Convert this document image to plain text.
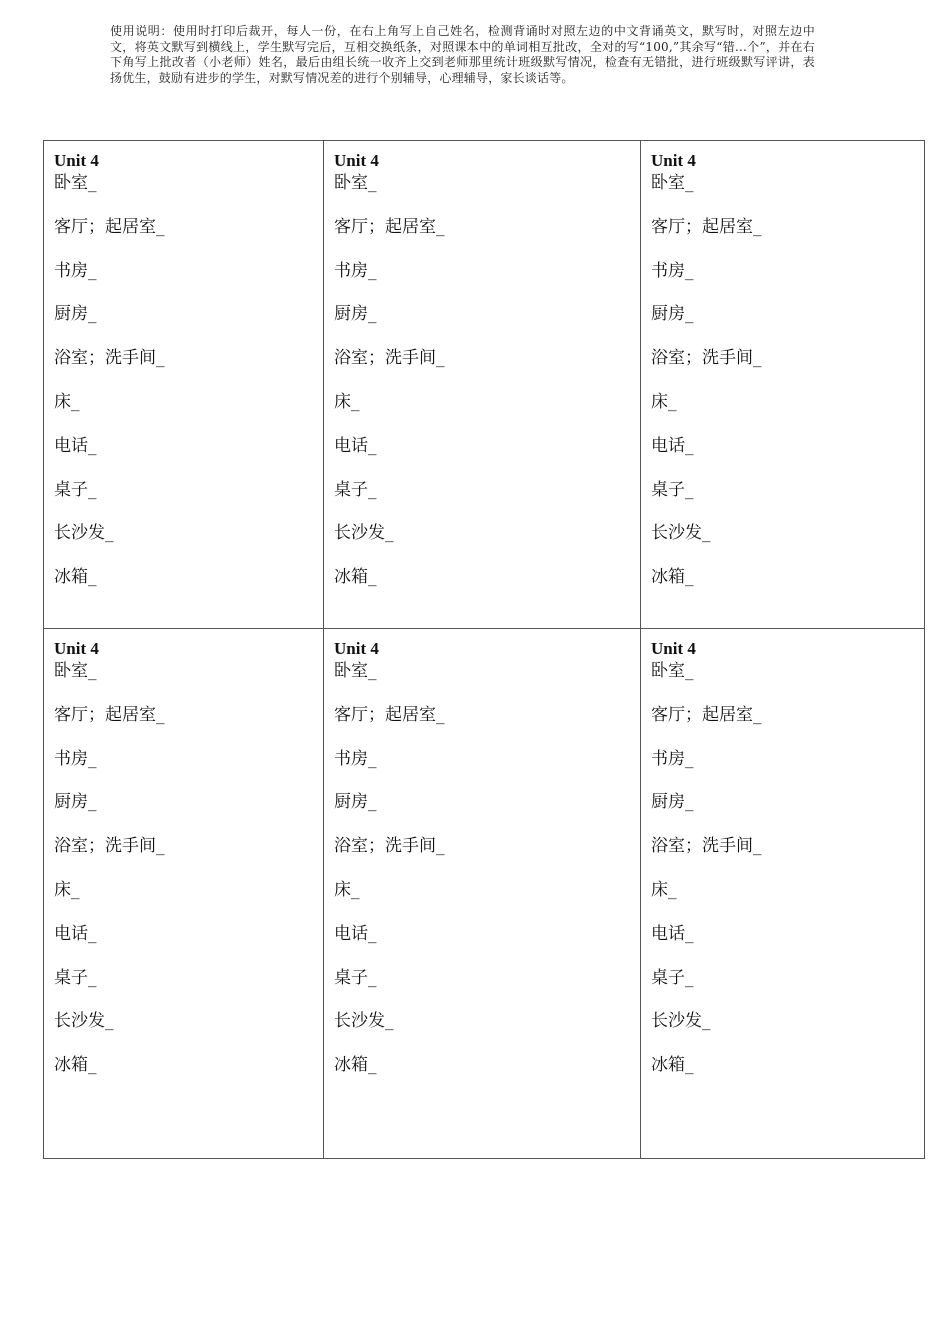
使用说明：使用时打印后裁开，每人一份，在右上角写上自己姓名，检测背诵时对照左边的中文背诵英文，默写时，对照左边中文，将英文默写到横线上，学生默写完后，互相交换纸条，对照课本中的单词相互批改，全对的写“100,”其余写“错...个”，并在右下角写上批改者（小老师）姓名，最后由组长统一收齐上交到老师那里统计班级默写情况，检查有无错批，进行班级默写评讲，表扬优生，鼓励有进步的学生，对默写情况差的进行个别辅导，心理辅导，家长谈话等。
Unit 4
卧室_
客厅；起居室_
书房_
厨房_
浴室；洗手间_
床_
电话_
桌子_
长沙发_
冰箱_
Unit 4
卧室_
客厅；起居室_
书房_
厨房_
浴室；洗手间_
床_
电话_
桌子_
长沙发_
冰箱_
Unit 4
卧室_
客厅；起居室_
书房_
厨房_
浴室；洗手间_
床_
电话_
桌子_
长沙发_
冰箱_
Unit 4
卧室_
客厅；起居室_
书房_
厨房_
浴室；洗手间_
床_
电话_
桌子_
长沙发_
冰箱_
Unit 4
卧室_
客厅；起居室_
书房_
厨房_
浴室；洗手间_
床_
电话_
桌子_
长沙发_
冰箱_
Unit 4
卧室_
客厅；起居室_
书房_
厨房_
浴室；洗手间_
床_
电话_
桌子_
长沙发_
冰箱_
